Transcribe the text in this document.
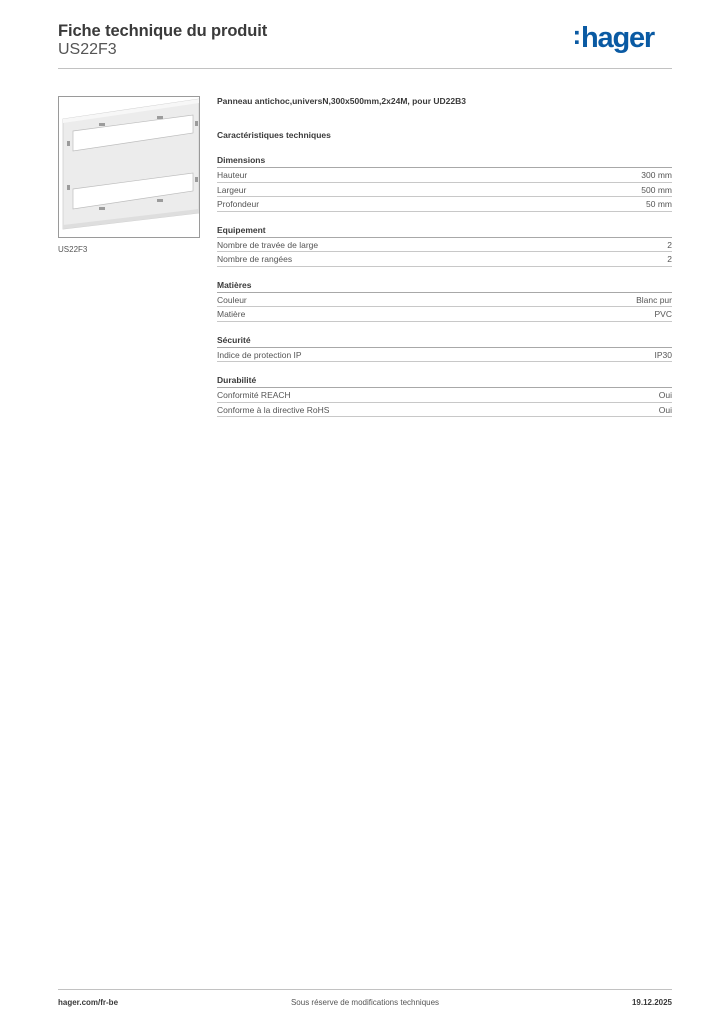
Fiche technique du produit
US22F3	:hager
US22F3
Panneau antichoc,universN,300x500mm,2x24M, pour UD22B3
Caractéristiques techniques
Dimensions
Hauteur	300 mm
Largeur	500 mm
Profondeur	50 mm
Equipement
Nombre de travée de large	2
Nombre de rangées	2
Matières
Couleur	Blanc pur
Matière	PVC
Sécurité
Indice de protection IP	IP30
Durabilité
Conformité REACH	Oui
Conforme à la directive RoHS	Oui
hager.com/fr-be	Sous réserve de modifications techniques	19.12.2025
